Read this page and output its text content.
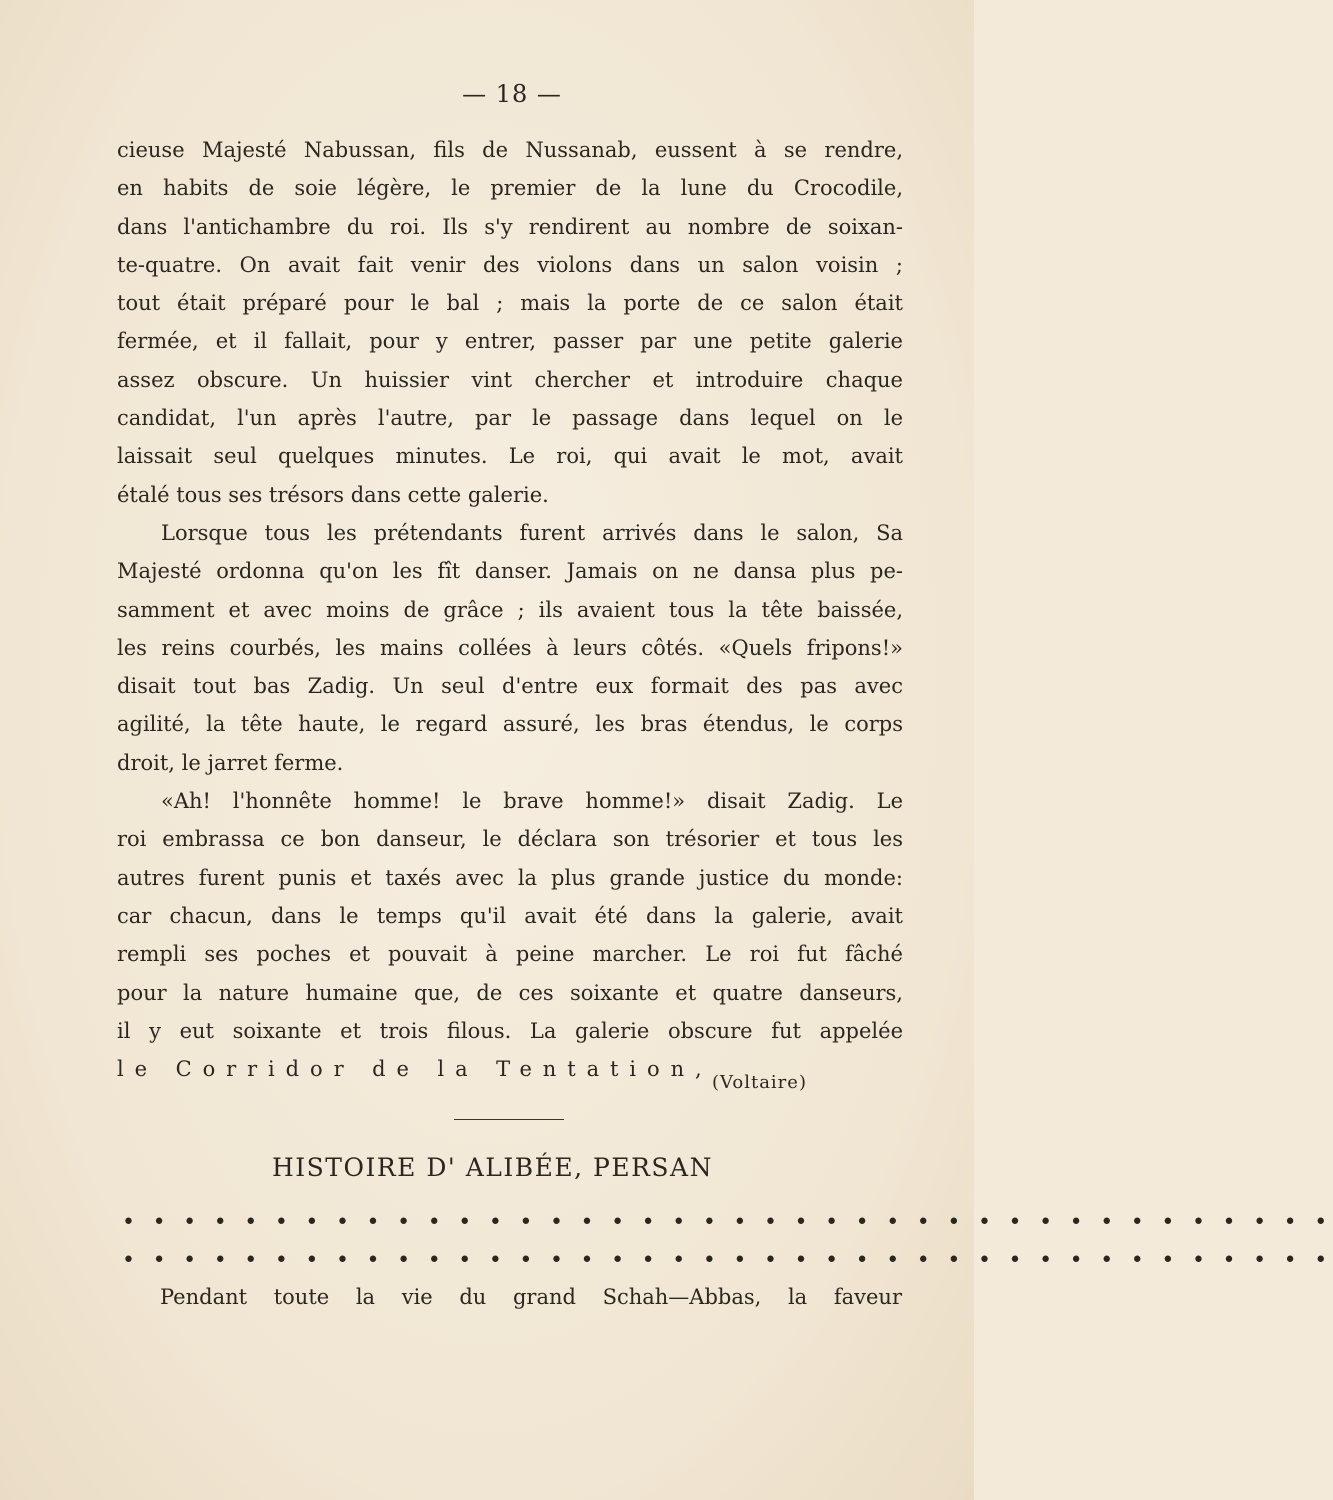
— 18 —
cieuse Majesté Nabussan, fils de Nussanab, eussent à se rendre,
en habits de soie légère, le premier de la lune du Crocodile,
dans l'antichambre du roi. Ils s'y rendirent au nombre de soixan-
te-quatre. On avait fait venir des violons dans un salon voisin ;
tout était préparé pour le bal ; mais la porte de ce salon était
fermée, et il fallait, pour y entrer, passer par une petite galerie
assez obscure. Un huissier vint chercher et introduire chaque
candidat, l'un après l'autre, par le passage dans lequel on le
laissait seul quelques minutes. Le roi, qui avait le mot, avait
étalé tous ses trésors dans cette galerie.
Lorsque tous les prétendants furent arrivés dans le salon, Sa
Majesté ordonna qu'on les fît danser. Jamais on ne dansa plus pe-
samment et avec moins de grâce ; ils avaient tous la tête baissée,
les reins courbés, les mains collées à leurs côtés. «Quels fripons!»
disait tout bas Zadig. Un seul d'entre eux formait des pas avec
agilité, la tête haute, le regard assuré, les bras étendus, le corps
droit, le jarret ferme.
«Ah! l'honnête homme! le brave homme!» disait Zadig. Le
roi embrassa ce bon danseur, le déclara son trésorier et tous les
autres furent punis et taxés avec la plus grande justice du monde:
car chacun, dans le temps qu'il avait été dans la galerie, avait
rempli ses poches et pouvait à peine marcher. Le roi fut fâché
pour la nature humaine que, de ces soixante et quatre danseurs,
il y eut soixante et trois filous. La galerie obscure fut appelée
le Corridor de la Tentation,
(Voltaire)
HISTOIRE D' ALIBÉE, PERSAN
• • • • • • • • • • • • • • • • • • • • • • • • • • • • • • • • • • • • • • • •
• • • • • • • • • • • • • • • • • • • • • • • • • • • • • • • • • • • • • • • •
Pendant toute la vie du grand Schah—Abbas, la faveur
